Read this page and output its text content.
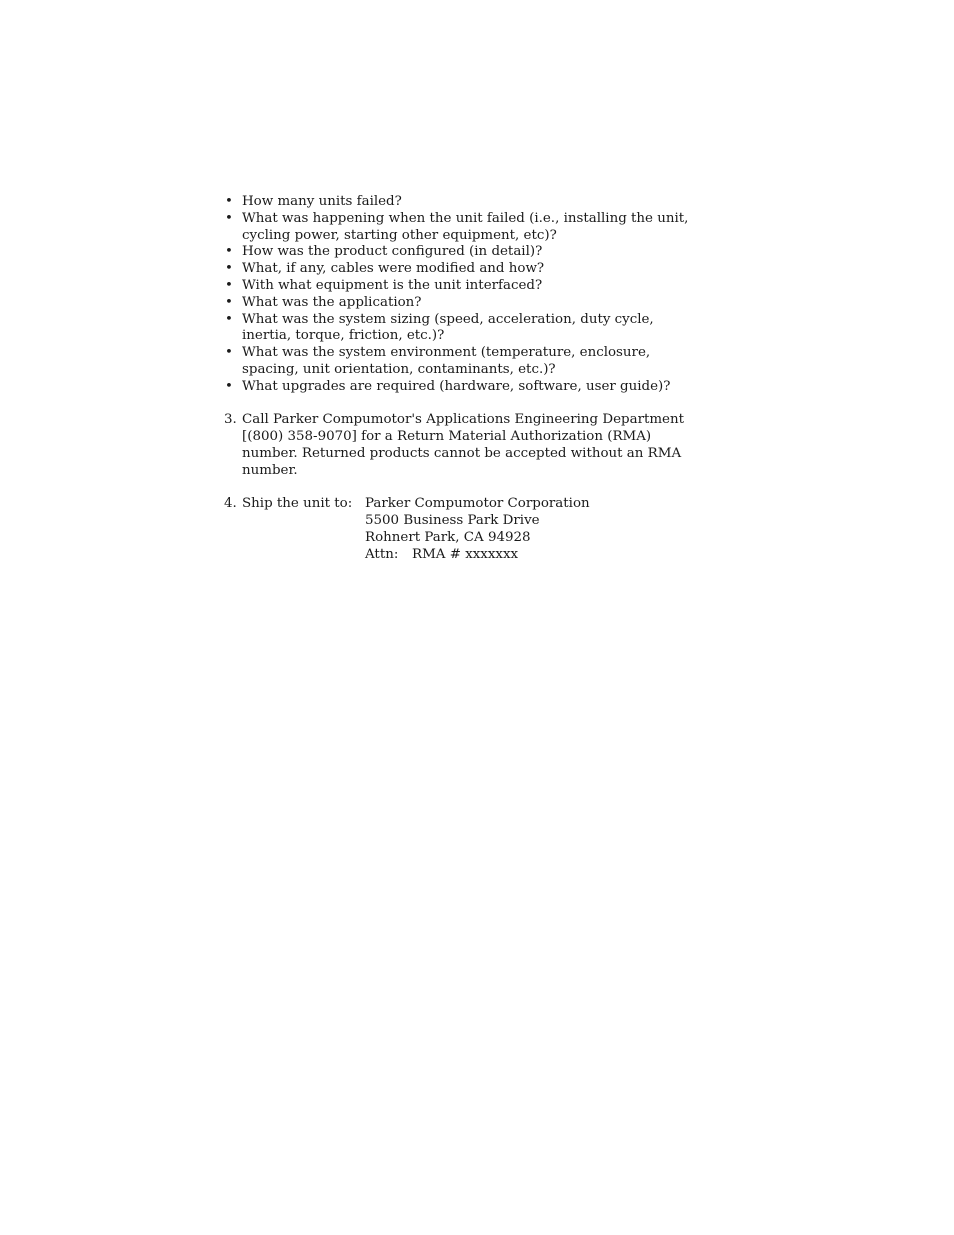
• How many units failed?
• What was happening when the unit failed (i.e., installing the unit, cycling power, starting other equipment, etc)?
• How was the product configured (in detail)?
• What, if any, cables were modified and how?
• With what equipment is the unit interfaced?
• What was the application?
• What was the system sizing (speed, acceleration, duty cycle, inertia, torque, friction, etc.)?
• What was the system environment (temperature, enclosure, spacing, unit orientation, contaminants, etc.)?
• What upgrades are required (hardware, software, user guide)?
3. Call Parker Compumotor's Applications Engineering Department [(800) 358-9070] for a Return Material Authorization (RMA) number. Returned products cannot be accepted without an RMA number.
4. Ship the unit to: Parker Compumotor Corporation
5500 Business Park Drive
Rohnert Park, CA 94928
Attn: RMA # xxxxxxx
